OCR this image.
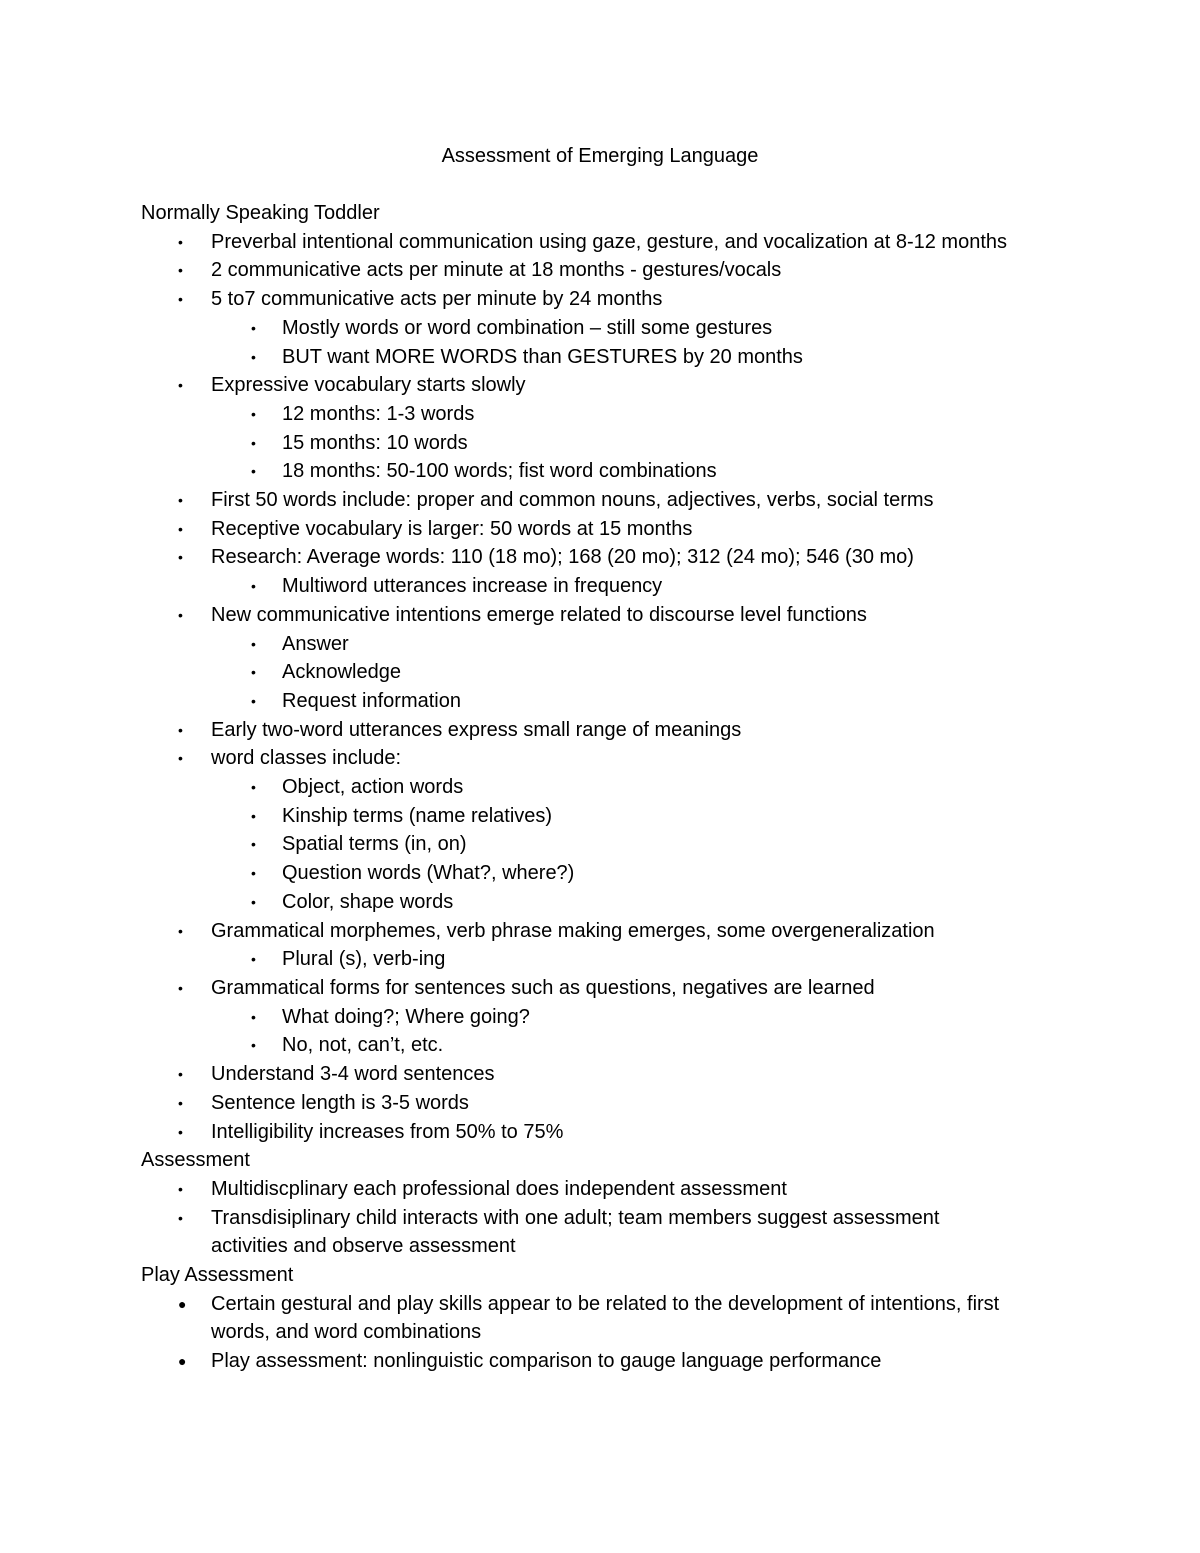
Assessment of Emerging Language
Normally Speaking Toddler
• Preverbal intentional communication using gaze, gesture, and vocalization at 8-12 months
• 2 communicative acts per minute at 18 months - gestures/vocals
• 5 to7 communicative acts per minute by 24 months
• Mostly words or word combination – still some gestures
• BUT want MORE WORDS than GESTURES by 20 months
• Expressive vocabulary starts slowly
• 12 months: 1-3 words
• 15 months: 10 words
• 18 months: 50-100 words; fist word combinations
• First 50 words include: proper and common nouns, adjectives, verbs, social terms
• Receptive vocabulary is larger: 50 words at 15 months
• Research: Average words: 110 (18 mo); 168 (20 mo); 312 (24 mo); 546 (30 mo)
• Multiword utterances increase in frequency
• New communicative intentions emerge related to discourse level functions
• Answer
• Acknowledge
• Request information
• Early two-word utterances express small range of meanings
• word classes include:
• Object, action words
• Kinship terms (name relatives)
• Spatial terms (in, on)
• Question words (What?, where?)
• Color, shape words
• Grammatical morphemes, verb phrase making emerges, some overgeneralization
• Plural (s), verb-ing
• Grammatical forms for sentences such as questions, negatives are learned
• What doing?; Where going?
• No, not, can’t, etc.
• Understand 3-4 word sentences
• Sentence length is 3-5 words
• Intelligibility increases from 50% to 75%
Assessment
• Multidiscplinary each professional does independent assessment
• Transdisiplinary child interacts with one adult; team members suggest assessment activities and observe assessment
Play Assessment
● Certain gestural and play skills appear to be related to the development of intentions, first words, and word combinations
● Play assessment: nonlinguistic comparison to gauge language performance
